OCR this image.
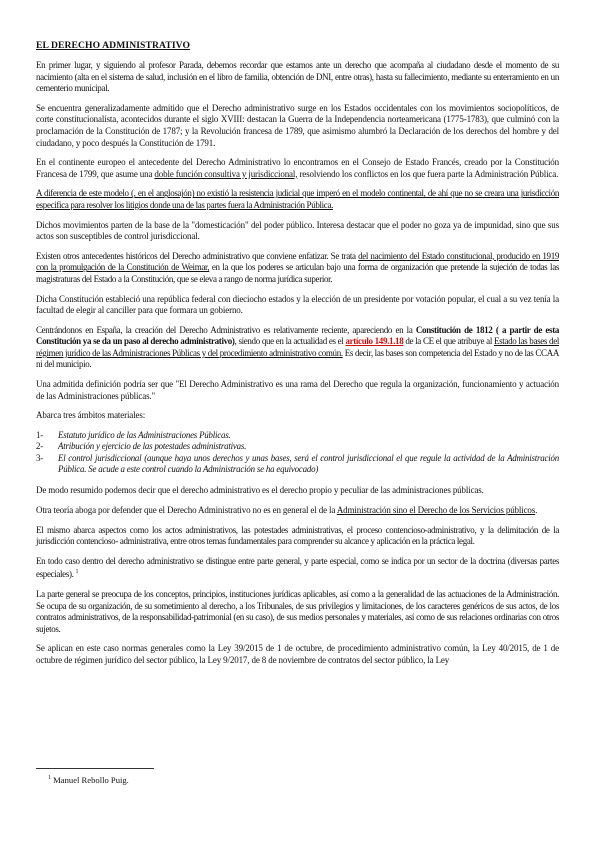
EL DERECHO ADMINISTRATIVO

En primer lugar, y siguiendo al profesor Parada, debemos recordar que estamos ante un derecho que acompaña al ciudadano desde el momento de su nacimiento (alta en el sistema de salud, inclusión en el libro de familia, obtención de DNI, entre otras), hasta su fallecimiento, mediante su enterramiento en un cementerio municipal.

Se encuentra generalizadamente admitido que el Derecho administrativo surge en los Estados occidentales con los movimientos sociopolíticos, de corte constitucionalista, acontecidos durante el siglo XVIII: destacan la Guerra de la Independencia norteamericana (1775-1783), que culminó con la proclamación de la Constitución de 1787; y la Revolución francesa de 1789, que asimismo alumbró la Declaración de los derechos del hombre y del ciudadano, y poco después la Constitución de 1791.

En el continente europeo el antecedente del Derecho Administrativo lo encontramos en el Consejo de Estado Francés, creado por la Constitución Francesa de 1799, que asume una doble función consultiva y jurisdiccional, resolviendo los conflictos en los que fuera parte la Administración Pública.

A diferencia de este modelo (, en el anglosajón) no existió la resistencia judicial que imperó en el modelo continental, de ahí que no se creara una jurisdicción especifica para resolver los litigios donde una de las partes fuera la Administración Pública.

Dichos movimientos parten de la base de la "domesticación" del poder público. Interesa destacar que el poder no goza ya de impunidad, sino que sus actos son susceptibles de control jurisdiccional.

Existen otros antecedentes históricos del Derecho administrativo que conviene enfatizar. Se trata del nacimiento del Estado constitucional, producido en 1919 con la promulgación de la Constitución de Weimar, en la que los poderes se articulan bajo una forma de organización que pretende la sujeción de todas las magistraturas del Estado a la Constitución, que se eleva a rango de norma jurídica superior.

Dicha Constitución estableció una república federal con dieciocho estados y la elección de un presidente por votación popular, el cual a su vez tenía la facultad de elegir al canciller para que formara un gobierno.

Centrándonos en España, la creación del Derecho Administrativo es relativamente reciente, apareciendo en la Constitución de 1812 ( a partir de esta Constitución ya se da un paso al derecho administrativo), siendo que en la actualidad es el artículo 149.1.18 de la CE el que atribuye al Estado las bases del régimen jurídico de las Administraciones Públicas y del procedimiento administrativo común. Es decir, las bases son competencia del Estado y no de las CCAA ni del municipio.

Una admitida definición podría ser que "El Derecho Administrativo es una rama del Derecho que regula la organización, funcionamiento y actuación de las Administraciones públicas."

Abarca tres ámbitos materiales:

1-	Estatuto jurídico de las Administraciones Públicas.
2-	Atribución y ejercicio de las potestades administrativas.
3-	El control jurisdiccional (aunque haya unos derechos y unas bases, será el control jurisdiccional el que regule la actividad de la Administración Pública. Se acude a este control cuando la Administración se ha equivocado)

De modo resumido podemos decir que el derecho administrativo es el derecho propio y peculiar de las administraciones públicas.

Otra teoría aboga por defender que el Derecho Administrativo no es en general el de la Administración sino el Derecho de los Servicios públicos.

El mismo abarca aspectos como los actos administrativos, las potestades administrativas, el proceso contencioso-administrativo, y la delimitación de la jurisdicción contencioso- administrativa, entre otros temas fundamentales para comprender su alcance y aplicación en la práctica legal.

En todo caso dentro del derecho administrativo se distingue entre parte general, y parte especial, como se indica por un sector de la doctrina (diversas partes especiales). $^1$

La parte general se preocupa de los conceptos, principios, instituciones jurídicas aplicables, así como a la generalidad de las actuaciones de la Administración. Se ocupa de su organización, de su sometimiento al derecho, a los Tribunales, de sus privilegios y limitaciones, de los caracteres genéricos de sus actos, de los contratos administrativos, de la responsabilidad-patrimonial (en su caso), de sus medios personales y materiales, así como de sus relaciones ordinarias con otros sujetos.

Se aplican en este caso normas generales como la Ley 39/2015 de 1 de octubre, de procedimiento administrativo común, la Ley 40/2015, de 1 de octubre de régimen jurídico del sector público, la Ley 9/2017, de 8 de noviembre de contratos del sector público, la Ley

$^1$ Manuel Rebollo Puig.
